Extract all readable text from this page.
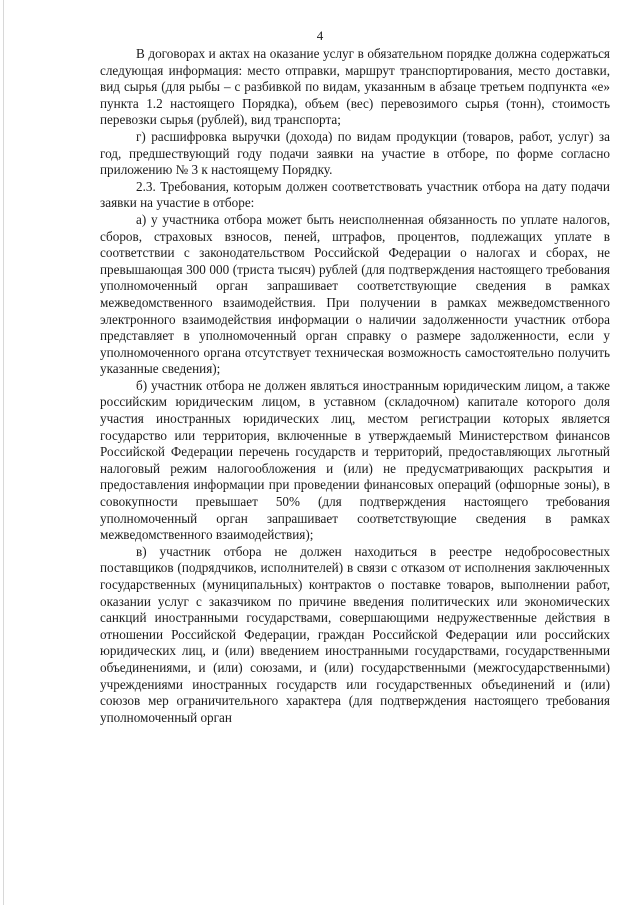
4

В договорах и актах на оказание услуг в обязательном порядке должна содержаться следующая информация: место отправки, маршрут транспортирования, место доставки, вид сырья (для рыбы – с разбивкой по видам, указанным в абзаце третьем подпункта «е» пункта 1.2 настоящего Порядка), объем (вес) перевозимого сырья (тонн), стоимость перевозки сырья (рублей), вид транспорта;

г) расшифровка выручки (дохода) по видам продукции (товаров, работ, услуг) за год, предшествующий году подачи заявки на участие в отборе, по форме согласно приложению № 3 к настоящему Порядку.

2.3. Требования, которым должен соответствовать участник отбора на дату подачи заявки на участие в отборе:

а) у участника отбора может быть неисполненная обязанность по уплате налогов, сборов, страховых взносов, пеней, штрафов, процентов, подлежащих уплате в соответствии с законодательством Российской Федерации о налогах и сборах, не превышающая 300 000 (триста тысяч) рублей (для подтверждения настоящего требования уполномоченный орган запрашивает соответствующие сведения в рамках межведомственного взаимодействия. При получении в рамках межведомственного электронного взаимодействия информации о наличии задолженности участник отбора представляет в уполномоченный орган справку о размере задолженности, если у уполномоченного органа отсутствует техническая возможность самостоятельно получить указанные сведения);

б) участник отбора не должен являться иностранным юридическим лицом, а также российским юридическим лицом, в уставном (складочном) капитале которого доля участия иностранных юридических лиц, местом регистрации которых является государство или территория, включенные в утверждаемый Министерством финансов Российской Федерации перечень государств и территорий, предоставляющих льготный налоговый режим налогообложения и (или) не предусматривающих раскрытия и предоставления информации при проведении финансовых операций (офшорные зоны), в совокупности превышает 50% (для подтверждения настоящего требования уполномоченный орган запрашивает соответствующие сведения в рамках межведомственного взаимодействия);

в) участник отбора не должен находиться в реестре недобросовестных поставщиков (подрядчиков, исполнителей) в связи с отказом от исполнения заключенных государственных (муниципальных) контрактов о поставке товаров, выполнении работ, оказании услуг с заказчиком по причине введения политических или экономических санкций иностранными государствами, совершающими недружественные действия в отношении Российской Федерации, граждан Российской Федерации или российских юридических лиц, и (или) введением иностранными государствами, государственными объединениями, и (или) союзами, и (или) государственными (межгосударственными) учреждениями иностранных государств или государственных объединений и (или) союзов мер ограничительного характера (для подтверждения настоящего требования уполномоченный орган
